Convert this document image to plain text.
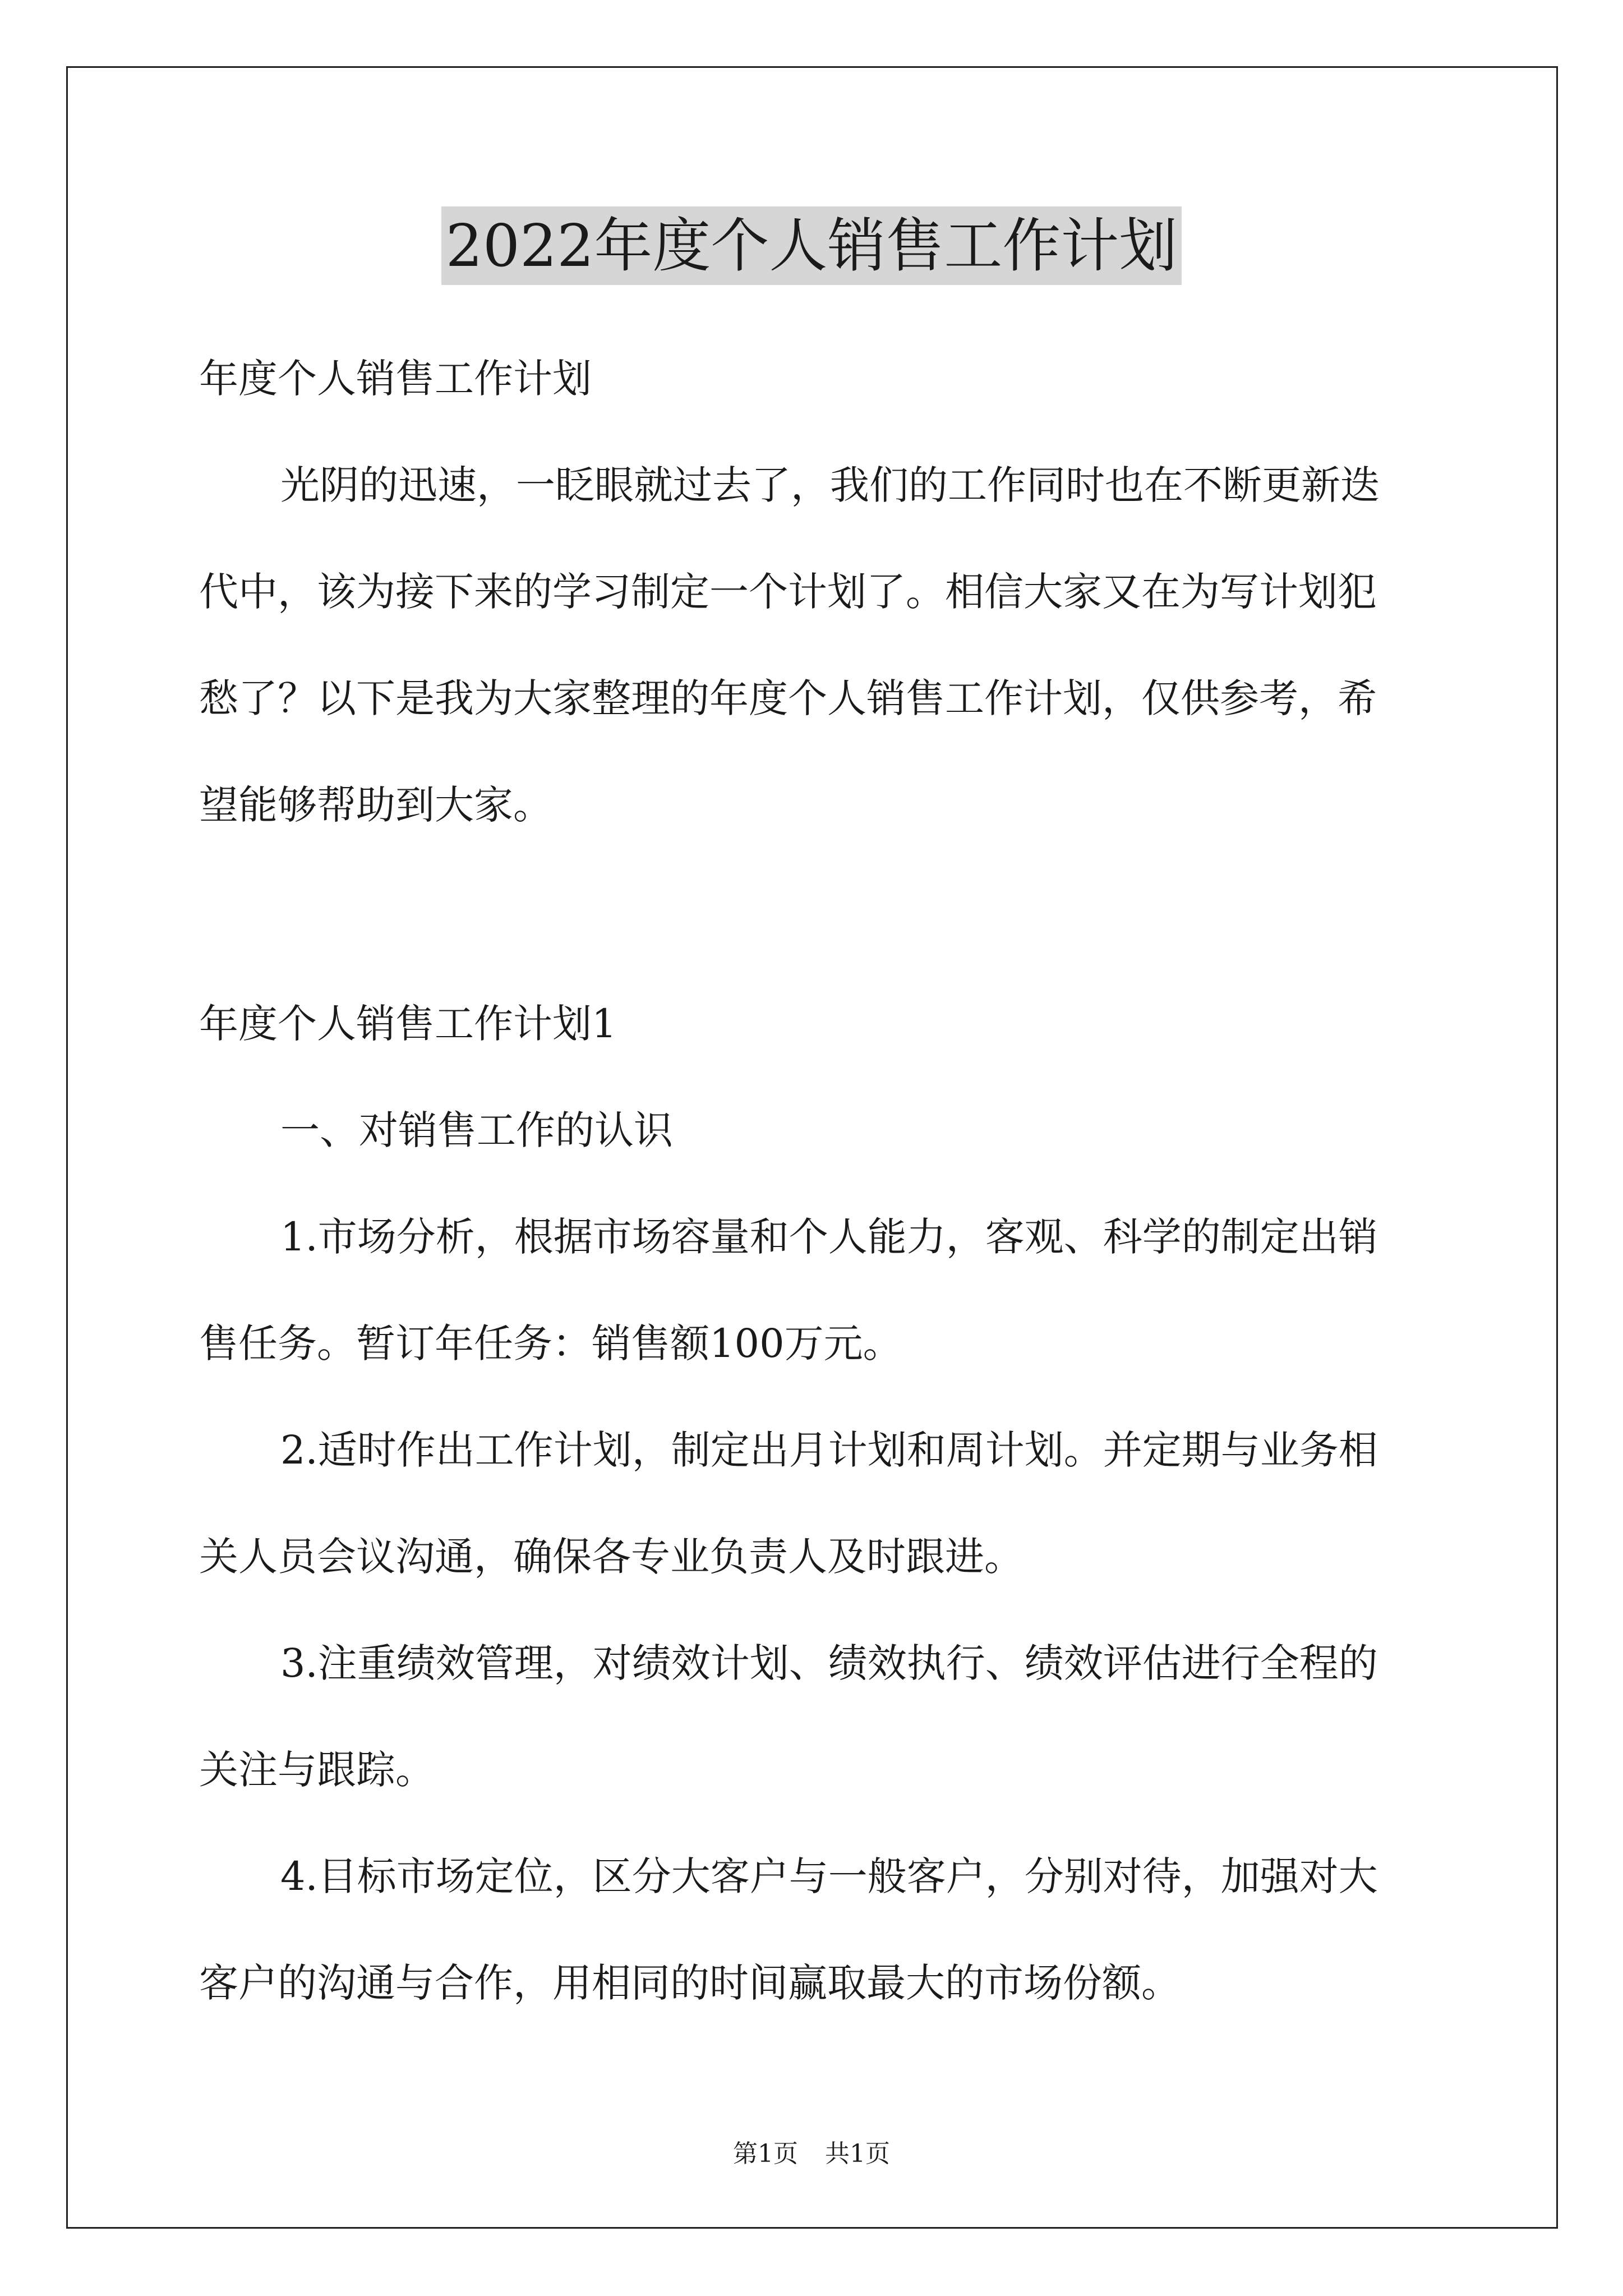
2022年度个人销售工作计划
年度个人销售工作计划
光阴的迅速，一眨眼就过去了，我们的工作同时也在不断更新迭
代中，该为接下来的学习制定一个计划了。相信大家又在为写计划犯
愁了？以下是我为大家整理的年度个人销售工作计划，仅供参考，希
望能够帮助到大家。
年度个人销售工作计划1
一、对销售工作的认识
1.市场分析，根据市场容量和个人能力，客观、科学的制定出销
售任务。暂订年任务：销售额100万元。
2.适时作出工作计划，制定出月计划和周计划。并定期与业务相
关人员会议沟通，确保各专业负责人及时跟进。
3.注重绩效管理，对绩效计划、绩效执行、绩效评估进行全程的
关注与跟踪。
4.目标市场定位，区分大客户与一般客户，分别对待，加强对大
客户的沟通与合作，用相同的时间赢取最大的市场份额。
第1页 共1页
